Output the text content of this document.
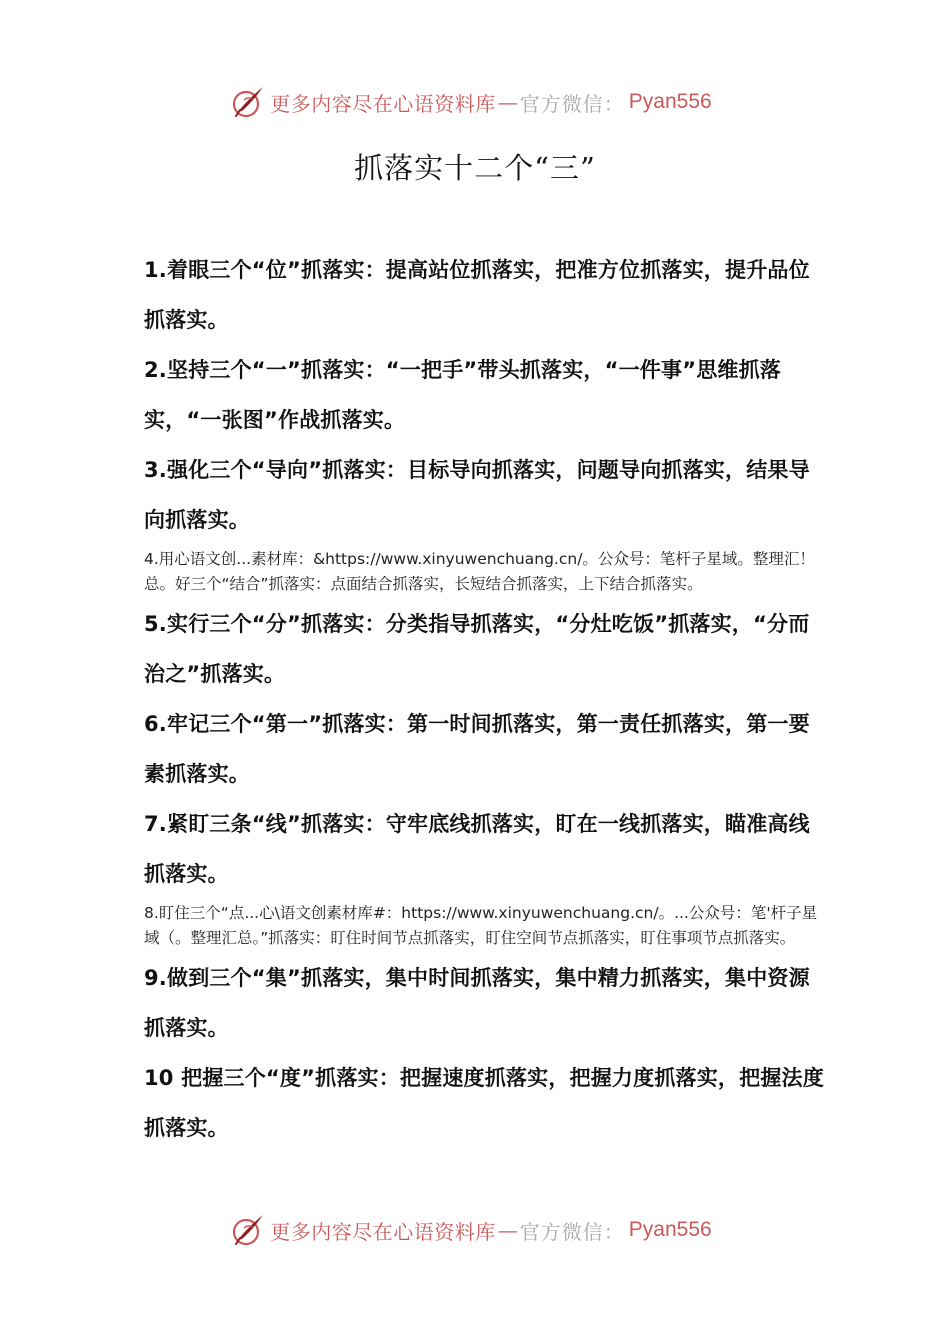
更多内容尽在心语资料库 — 官方微信： Pyan556
抓落实十二个“三”

1.着眼三个“位”抓落实：提高站位抓落实，把准方位抓落实，提升品位抓落实。

2.坚持三个“一”抓落实：“一把手”带头抓落实，“一件事”思维抓落实，“一张图”作战抓落实。

3.强化三个“导向”抓落实：目标导向抓落实，问题导向抓落实，结果导向抓落实。

4.用心语文创...素材库：&https://www.xinyuwenchuang.cn/。公众号：笔杆子星域。整理汇！总。好三个“结合”抓落实：点面结合抓落实，长短结合抓落实，上下结合抓落实。

5.实行三个“分”抓落实：分类指导抓落实，“分灶吃饭”抓落实，“分而治之”抓落实。

6.牢记三个“第一”抓落实：第一时间抓落实，第一责任抓落实，第一要素抓落实。

7.紧盯三条“线”抓落实：守牢底线抓落实，盯在一线抓落实，瞄准高线抓落实。

8.盯住三个“点...心\语文创素材库#：https://www.xinyuwenchuang.cn/。...公众号：笔'杆子星域（。整理汇总。”抓落实：盯住时间节点抓落实，盯住空间节点抓落实，盯住事项节点抓落实。

9.做到三个“集”抓落实，集中时间抓落实，集中精力抓落实，集中资源抓落实。

10 把握三个“度”抓落实：把握速度抓落实，把握力度抓落实，把握法度抓落实。

更多内容尽在心语资料库 — 官方微信： Pyan556
